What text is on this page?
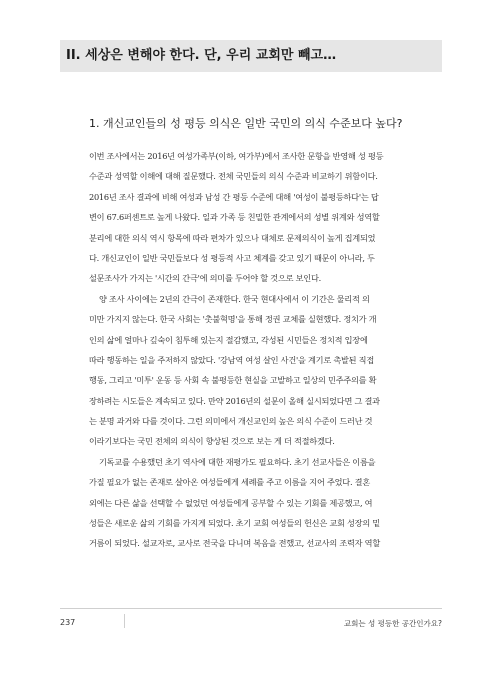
II. 세상은 변해야 한다. 단, 우리 교회만 빼고…
1. 개신교인들의 성 평등 의식은 일반 국민의 의식 수준보다 높다?
이번 조사에서는 2016년 여성가족부(이하, 여가부)에서 조사한 문항을 반영해 성 평등
수준과 성역할 이해에 대해 질문했다. 전체 국민들의 의식 수준과 비교하기 위함이다.
2016년 조사 결과에 비해 여성과 남성 간 평등 수준에 대해 '여성이 불평등하다'는 답
변이 67.6퍼센트로 높게 나왔다. 일과 가족 등 친밀한 관계에서의 성별 위계와 성역할
분리에 대한 의식 역시 항목에 따라 편차가 있으나 대체로 문제의식이 높게 집계되었
다. 개신교인이 일반 국민들보다 성 평등적 사고 체계를 갖고 있기 때문이 아니라, 두
설문조사가 가지는 '시간의 간극'에 의미를 두어야 할 것으로 보인다.
양 조사 사이에는 2년의 간극이 존재한다. 한국 현대사에서 이 기간은 물리적 의
미만 가지지 않는다. 한국 사회는 '촛불혁명'을 통해 정권 교체를 실현했다. 정치가 개
인의 삶에 얼마나 깊숙이 침투해 있는지 절감했고, 각성된 시민들은 정치적 입장에
따라 행동하는 일을 주저하지 않았다. '강남역 여성 살인 사건'을 계기로 촉발된 직접
행동, 그리고 '미투' 운동 등 사회 속 불평등한 현실을 고발하고 일상의 민주주의를 확
장하려는 시도들은 계속되고 있다. 만약 2016년의 설문이 올해 실시되었다면 그 결과
는 분명 과거와 다를 것이다. 그런 의미에서 개신교인의 높은 의식 수준이 드러난 것
이라기보다는 국민 전체의 의식이 향상된 것으로 보는 게 더 적절하겠다.
기독교를 수용했던 초기 역사에 대한 재평가도 필요하다. 초기 선교사들은 이름을
가질 필요가 없는 존재로 살아온 여성들에게 세례를 주고 이름을 지어 주었다. 결혼
외에는 다른 삶을 선택할 수 없었던 여성들에게 공부할 수 있는 기회를 제공했고, 여
성들은 새로운 삶의 기회를 가지게 되었다. 초기 교회 여성들의 헌신은 교회 성장의 밑
거름이 되었다. 설교자로, 교사로 전국을 다니며 복음을 전했고, 선교사의 조력자 역할
237	교회는 성 평등한 공간인가요?
